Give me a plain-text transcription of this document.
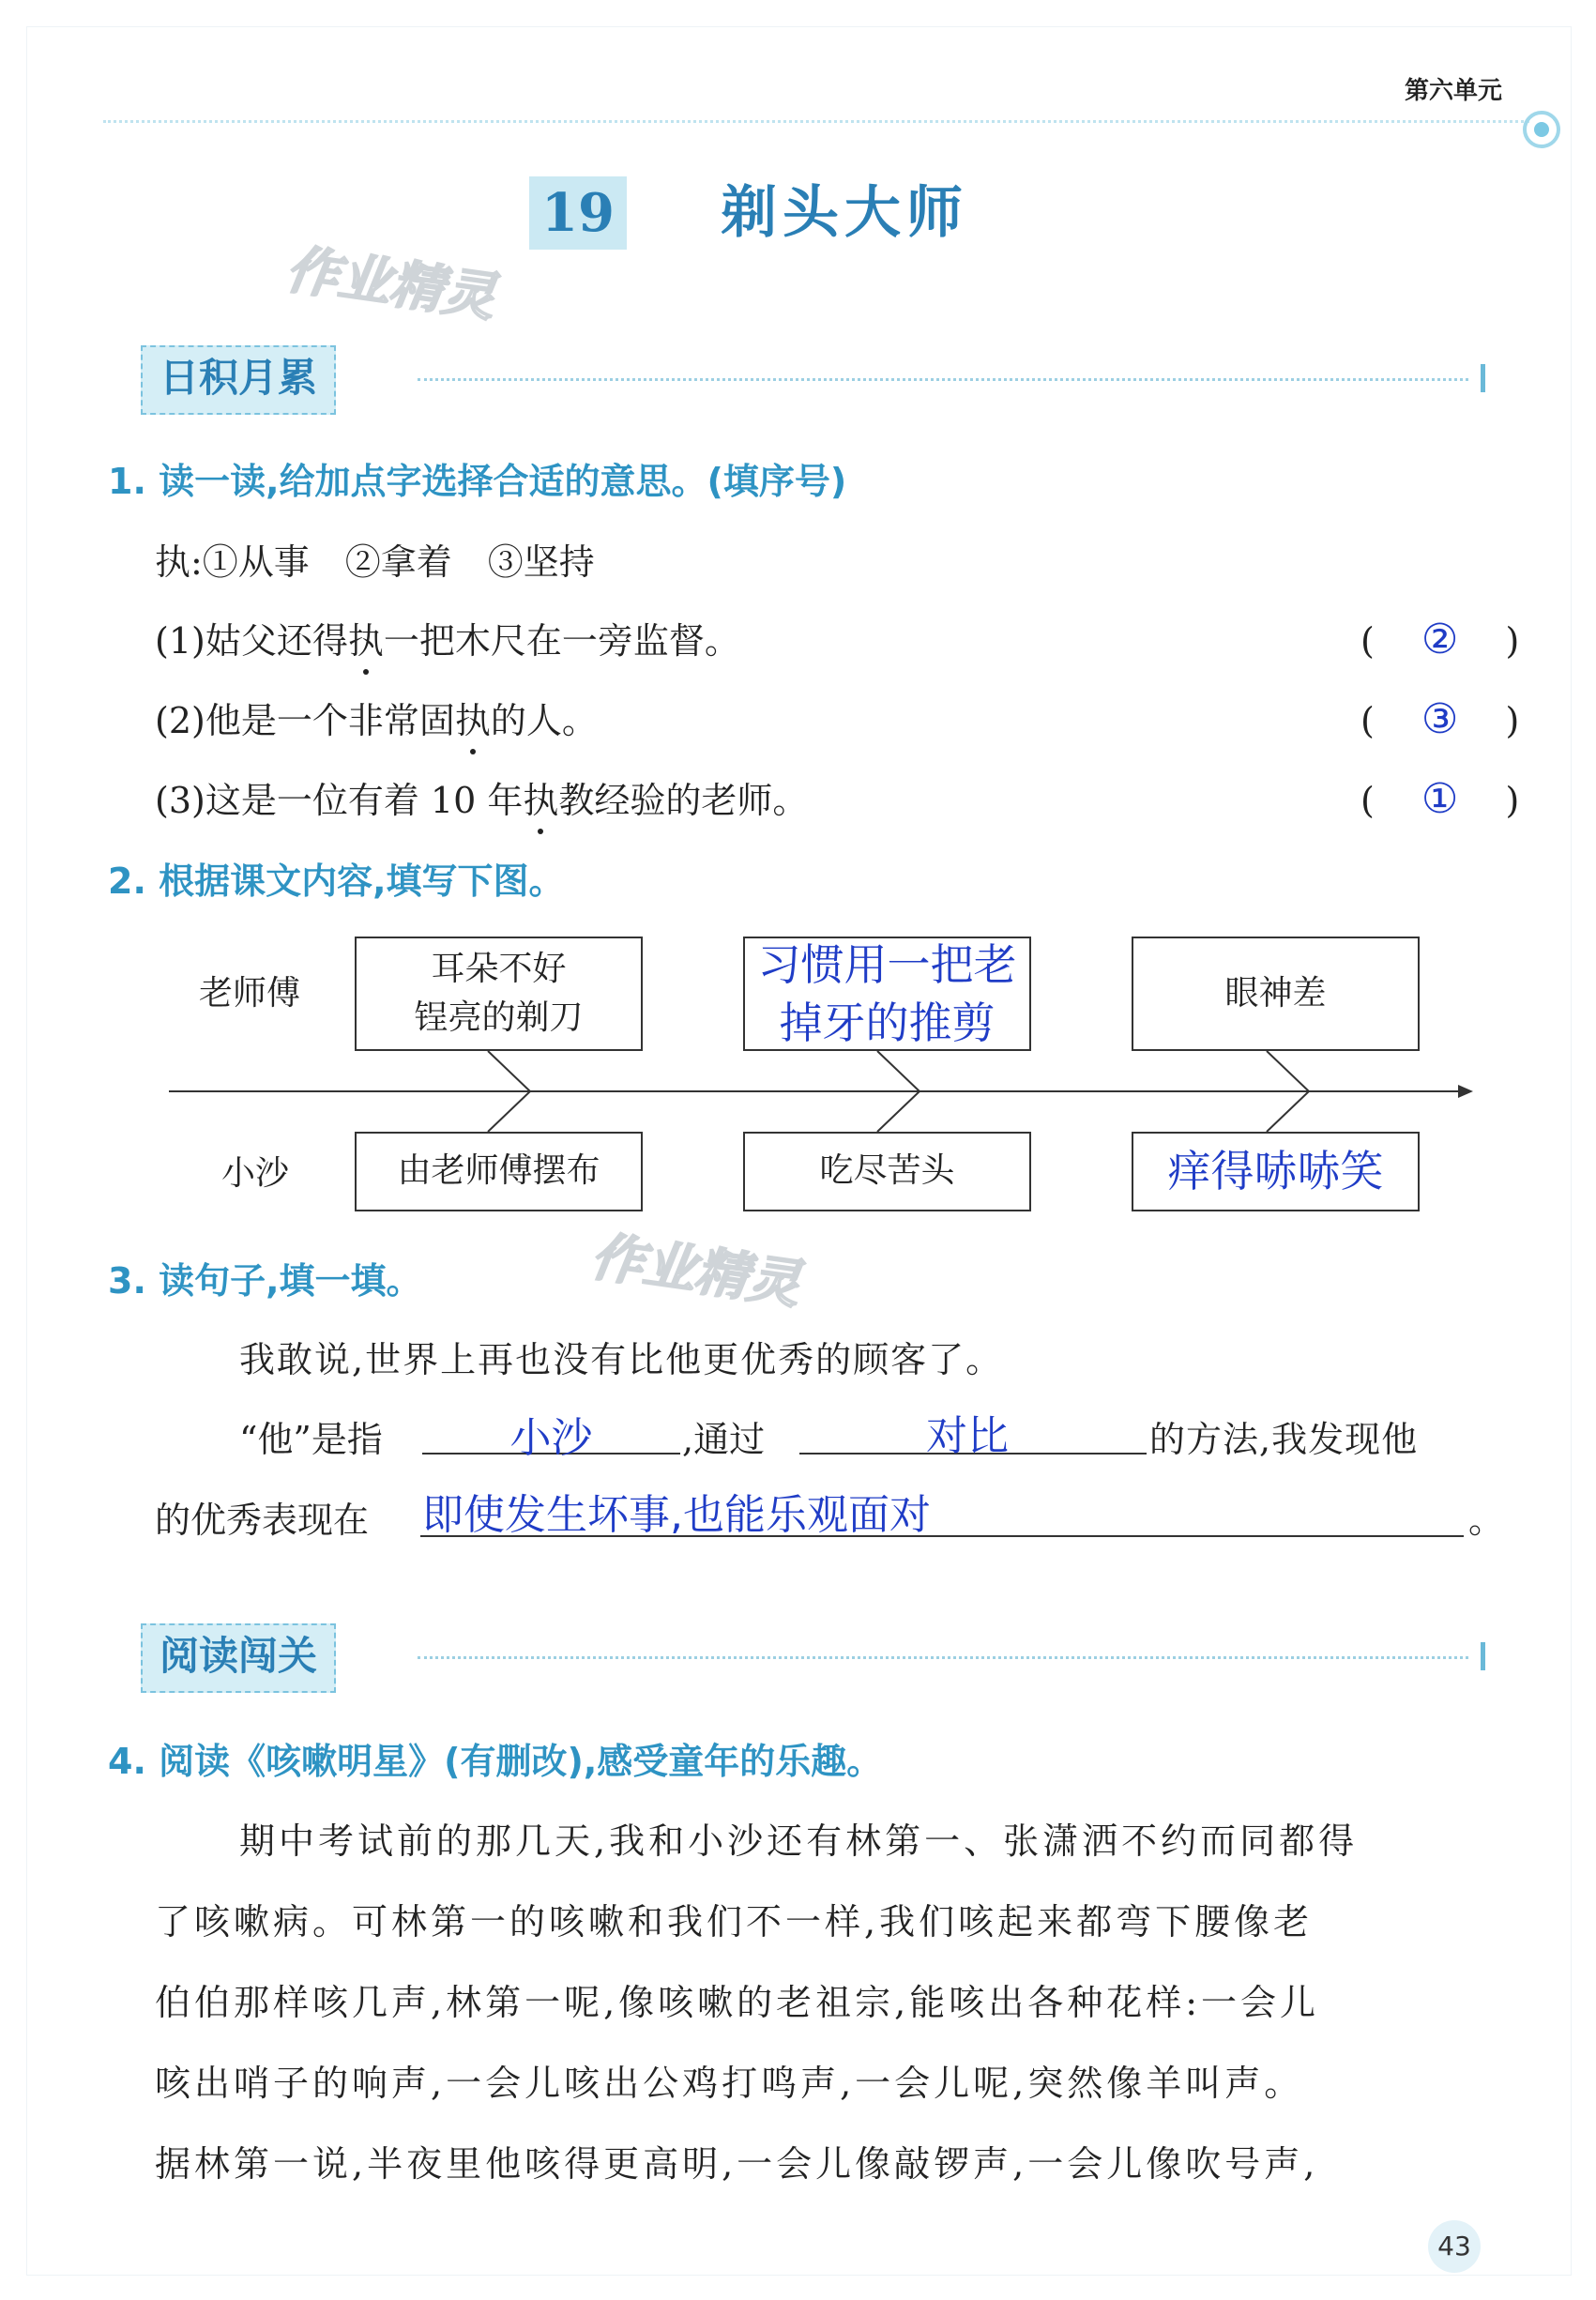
第六单元
19 剃头大师
作业精灵
作业精灵
日积月累
1. 读一读,给加点字选择合适的意思。(填序号)
执:①从事　②拿着　③坚持
(1)姑父还得执
一把木尺在一旁监督。	(　 ② 　)
(2)他是一个非常固执
的人。	(　 ③ 　)
(3)这是一位有着 10 年执
教经验的老师。	(　 ① 　)
2. 根据课文内容,填写下图。
老师傅
小沙
耳朵不好
锃亮的剃刀
习惯用一把老
掉牙的推剪
眼神差
由老师傅摆布	吃尽苦头	痒得哧哧笑
3. 读句子,填一填。
我敢说,世界上再也没有比他更优秀的顾客了。
“他”是指	小沙	,通过	对比	的方法,我发现他
的优秀表现在 即使发生坏事,也能乐观面对	。
阅读闯关
4. 阅读《咳嗽明星》(有删改),感受童年的乐趣。
期中考试前的那几天,我和小沙还有林第一、张潇洒不约而同都得
了咳嗽病。可林第一的咳嗽和我们不一样,我们咳起来都弯下腰像老
伯伯那样咳几声,林第一呢,像咳嗽的老祖宗,能咳出各种花样:一会儿
咳出哨子的响声,一会儿咳出公鸡打鸣声,一会儿呢,突然像羊叫声。
据林第一说,半夜里他咳得更高明,一会儿像敲锣声,一会儿像吹号声,
43
